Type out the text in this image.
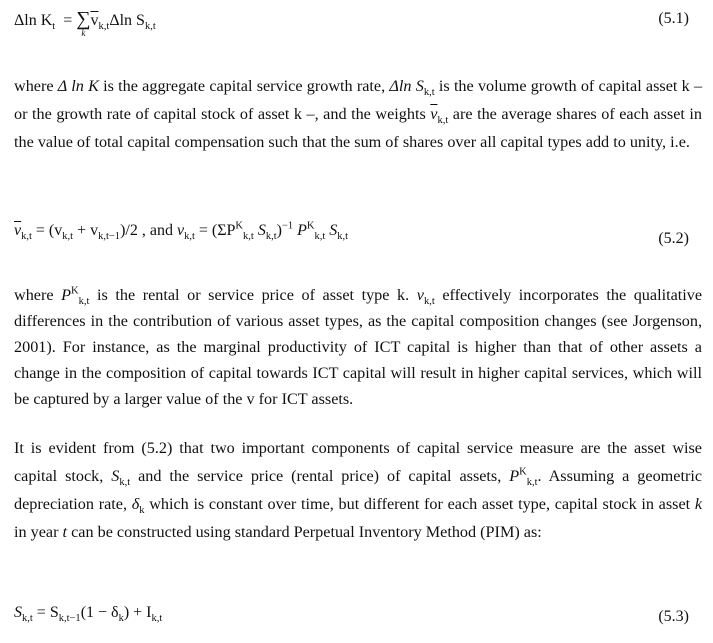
Δln $K_t$  = ∑
k
$\overline{v}_{k,t}\Delta\ln$ $S_{k,t}$	(5.1)

where Δ ln K is the aggregate capital service growth rate, Δln $S_{k,t}$ is the volume growth of capital asset k – or the growth rate of capital stock of asset k –, and the weights $\overline{v}_{k,t}$ are the average shares of each asset in the value of total capital compensation such that the sum of shares over all capital types add to unity, i.e.

$\overline{v}_{k,t} = (v_{k,t} + v_{k,t-1})/2$ , and $v_{k,t} = (\Sigma P^K_{k,t}$ $S_{k,t})^{-1}$ $P^K_{k,t}$ $S_{k,t}$	(5.2)

where $P^K_{k,t}$ is the rental or service price of asset type k. $v_{k,t}$ effectively incorporates the qualitative differences in the contribution of various asset types, as the capital composition changes (see Jorgenson, 2001). For instance, as the marginal productivity of ICT capital is higher than that of other assets a change in the composition of capital towards ICT capital will result in higher capital services, which will be captured by a larger value of the v for ICT assets.

It is evident from (5.2) that two important components of capital service measure are the asset wise capital stock, $S_{k,t}$ and the service price (rental price) of capital assets, $P^K_{k,t}$. Assuming a geometric depreciation rate, $\delta_k$ which is constant over time, but different for each asset type, capital stock in asset k in year t can be constructed using standard Perpetual Inventory Method (PIM) as:

$S_{k,t} = S_{k,t-1}(1 - \delta_k) + I_{k,t}$	(5.3)
